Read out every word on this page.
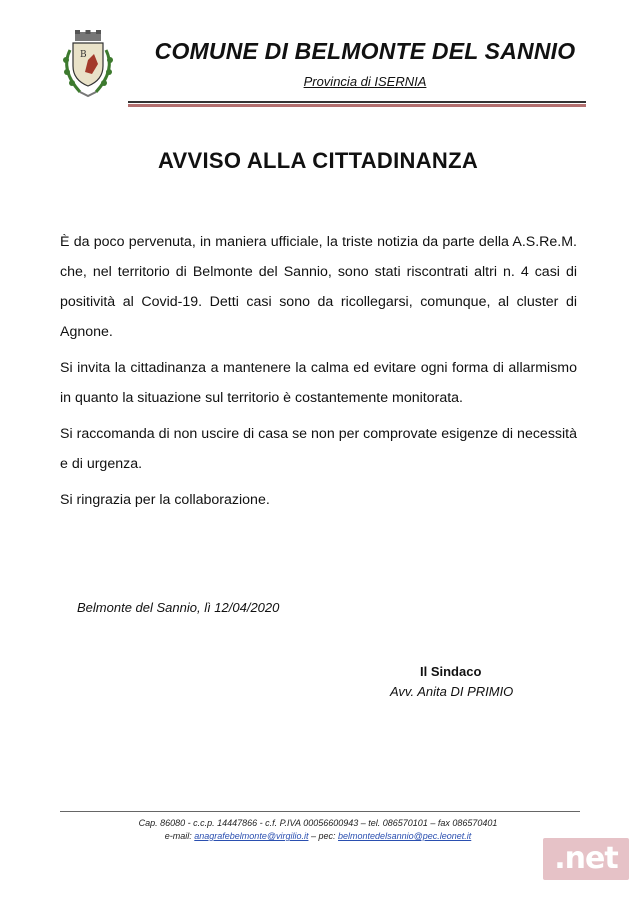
B	COMUNE DI BELMONTE DEL SANNIO
Provincia di ISERNIA
AVVISO ALLA CITTADINANZA

È da poco pervenuta, in maniera ufficiale, la triste notizia da parte della A.S.Re.M. che, nel territorio di Belmonte del Sannio, sono stati riscontrati altri n. 4 casi di positività al Covid-19. Detti casi sono da ricollegarsi, comunque, al cluster di Agnone.

Si invita la cittadinanza a mantenere la calma ed evitare ogni forma di allarmismo in quanto la situazione sul territorio è costantemente monitorata.

Si raccomanda di non uscire di casa se non per comprovate esigenze di necessità e di urgenza.

Si ringrazia per la collaborazione.

Belmonte del Sannio, lì 12/04/2020
Il Sindaco
Avv. Anita DI PRIMIO
Cap. 86080 - c.c.p. 14447866 - c.f. P.IVA 00056600943 – tel. 086570101 – fax 086570401
e-mail: anagrafebelmonte@virgilio.it – pec: belmontedelsannio@pec.leonet.it
.net
